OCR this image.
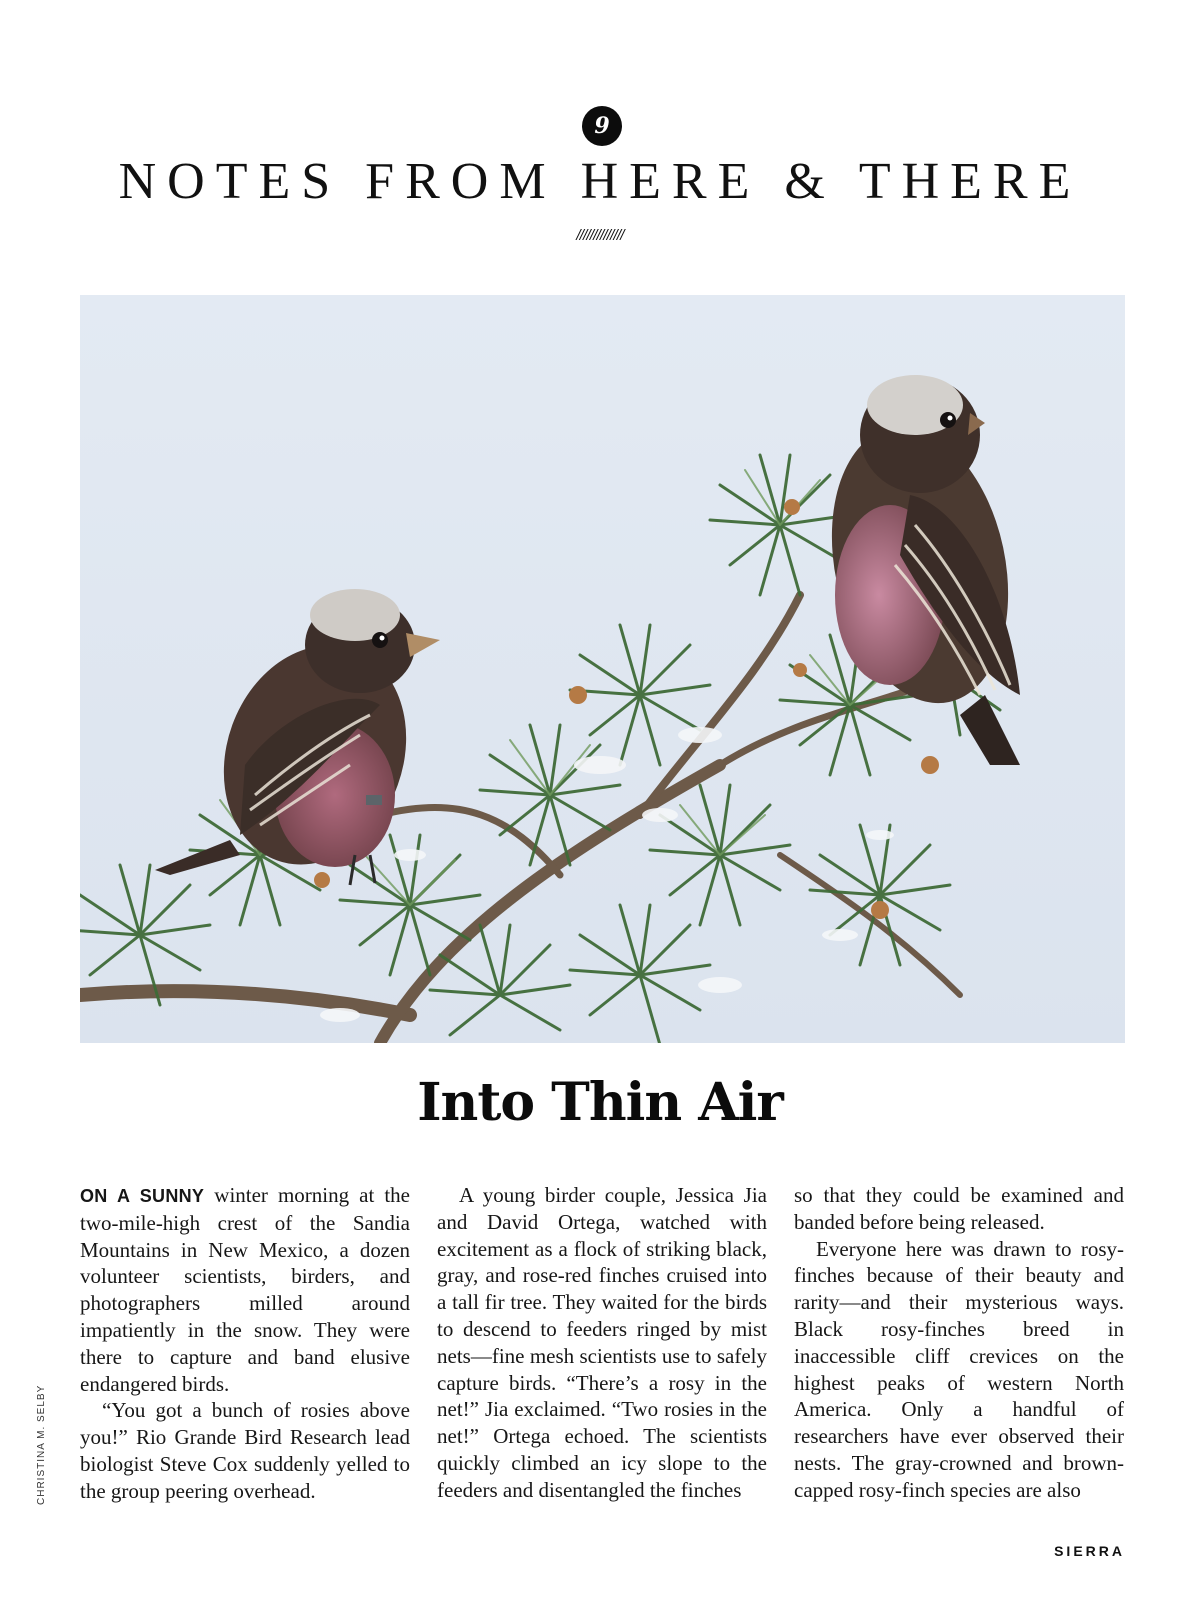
9
NOTES FROM HERE & THERE
//////////////
Into Thin Air

ON A SUNNY winter morning at the two-mile-high crest of the Sandia Mountains in New Mexico, a dozen volunteer scientists, birders, and photographers milled around impatiently in the snow. They were there to capture and band elusive endangered birds.

“You got a bunch of rosies above you!” Rio Grande Bird Research lead biologist Steve Cox suddenly yelled to the group peering overhead.

A young birder couple, Jessica Jia and David Ortega, watched with excitement as a flock of striking black, gray, and rose-red finches cruised into a tall fir tree. They waited for the birds to descend to feeders ringed by mist nets—fine mesh scientists use to safely capture birds. “There’s a rosy in the net!” Jia exclaimed. “Two rosies in the net!” Ortega echoed. The scientists quickly climbed an icy slope to the feeders and disentangled the finches

so that they could be examined and banded before being released.

Everyone here was drawn to rosy-finches because of their beauty and rarity—and their mysterious ways. Black rosy-finches breed in inaccessible cliff crevices on the highest peaks of western North America. Only a handful of researchers have ever observed their nests. The gray-crowned and brown-capped rosy-finch species are also

CHRISTINA M. SELBY
SIERRA
